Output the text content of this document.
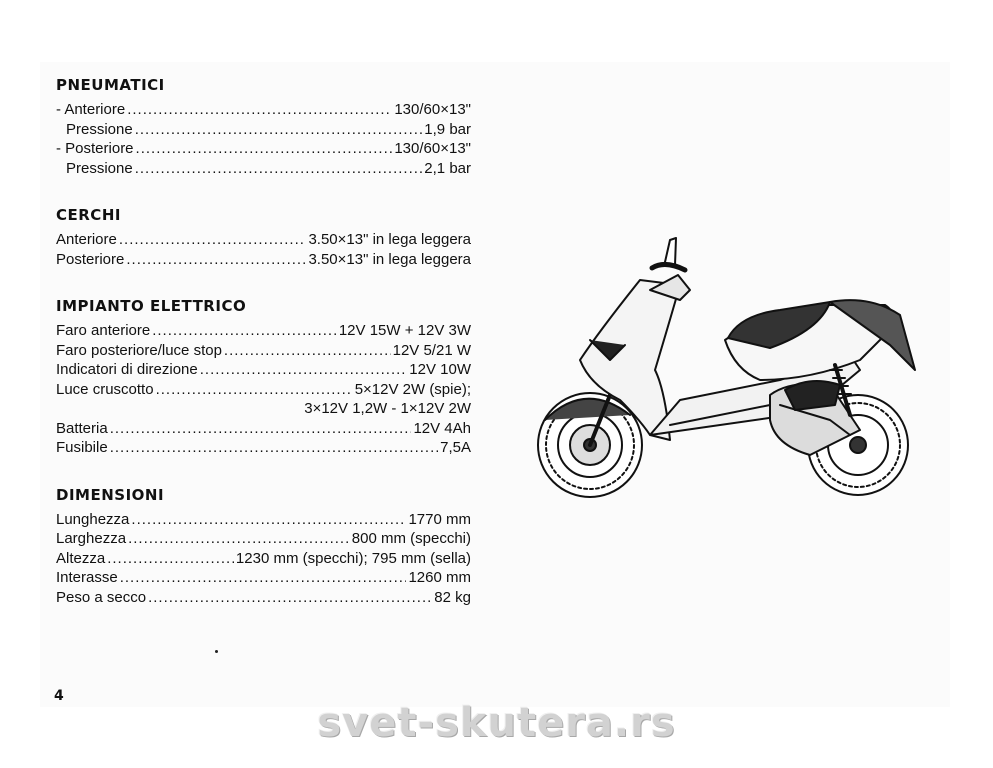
PNEUMATICI
- Anteriore .....	130/60×13"
Pressione .....	1,9 bar
- Posteriore .....	130/60×13"
Pressione .....	2,1 bar
CERCHI
Anteriore .....	3.50×13" in lega leggera
Posteriore .....	3.50×13" in lega leggera
IMPIANTO ELETTRICO
Faro anteriore .....	12V 15W + 12V 3W
Faro posteriore/luce stop .....	12V 5/21 W
Indicatori di direzione .....	12V 10W
Luce cruscotto .....	5×12V 2W (spie);
3×12V 1,2W - 1×12V 2W
Batteria .....	12V 4Ah
Fusibile .....	7,5A
DIMENSIONI
Lunghezza .....	1770 mm
Larghezza .....	800 mm (specchi)
Altezza .....	1230 mm (specchi); 795 mm (sella)
Interasse .....	1260 mm
Peso a secco .....	82 kg
4
svet-skutera.rs
